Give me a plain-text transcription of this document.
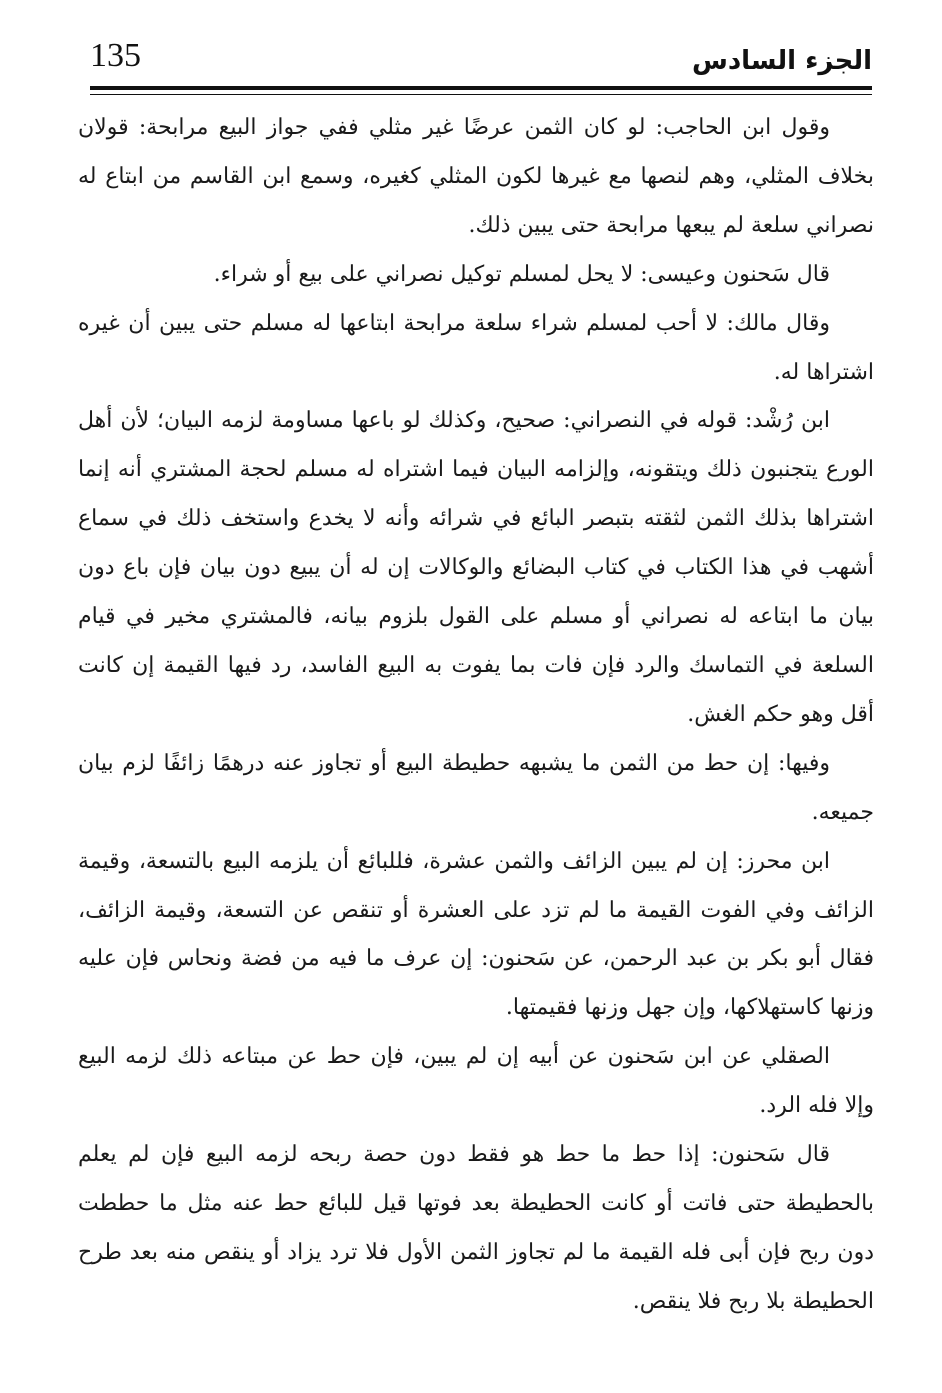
135	الجزء السادس

وقول ابن الحاجب: لو كان الثمن عرضًا غير مثلي ففي جواز البيع مرابحة: قولان بخلاف المثلي، وهم لنصها مع غيرها لكون المثلي كغيره، وسمع ابن القاسم من ابتاع له نصراني سلعة لم يبعها مرابحة حتى يبين ذلك.

قال سَحنون وعيسى: لا يحل لمسلم توكيل نصراني على بيع أو شراء.

وقال مالك: لا أحب لمسلم شراء سلعة مرابحة ابتاعها له مسلم حتى يبين أن غيره اشتراها له.

ابن رُشْد: قوله في النصراني: صحيح، وكذلك لو باعها مساومة لزمه البيان؛ لأن أهل الورع يتجنبون ذلك ويتقونه، وإلزامه البيان فيما اشتراه له مسلم لحجة المشتري أنه إنما اشتراها بذلك الثمن لثقته بتبصر البائع في شرائه وأنه لا يخدع واستخف ذلك في سماع أشهب في هذا الكتاب في كتاب البضائع والوكالات إن له أن يبيع دون بيان فإن باع دون بيان ما ابتاعه له نصراني أو مسلم على القول بلزوم بيانه، فالمشتري مخير في قيام السلعة في التماسك والرد فإن فات بما يفوت به البيع الفاسد، رد فيها القيمة إن كانت أقل وهو حكم الغش.

وفيها: إن حط من الثمن ما يشبهه حطيطة البيع أو تجاوز عنه درهمًا زائفًا لزم بيان جميعه.

ابن محرز: إن لم يبين الزائف والثمن عشرة، فللبائع أن يلزمه البيع بالتسعة، وقيمة الزائف وفي الفوت القيمة ما لم تزد على العشرة أو تنقص عن التسعة، وقيمة الزائف، فقال أبو بكر بن عبد الرحمن، عن سَحنون: إن عرف ما فيه من فضة ونحاس فإن عليه وزنها كاستهلاكها، وإن جهل وزنها فقيمتها.

الصقلي عن ابن سَحنون عن أبيه إن لم يبين، فإن حط عن مبتاعه ذلك لزمه البيع وإلا فله الرد.

قال سَحنون: إذا حط ما حط هو فقط دون حصة ربحه لزمه البيع فإن لم يعلم بالحطيطة حتى فاتت أو كانت الحطيطة بعد فوتها قيل للبائع حط عنه مثل ما حططت دون ربح فإن أبى فله القيمة ما لم تجاوز الثمن الأول فلا ترد يزاد أو ينقص منه بعد طرح الحطيطة بلا ربح فلا ينقص.
